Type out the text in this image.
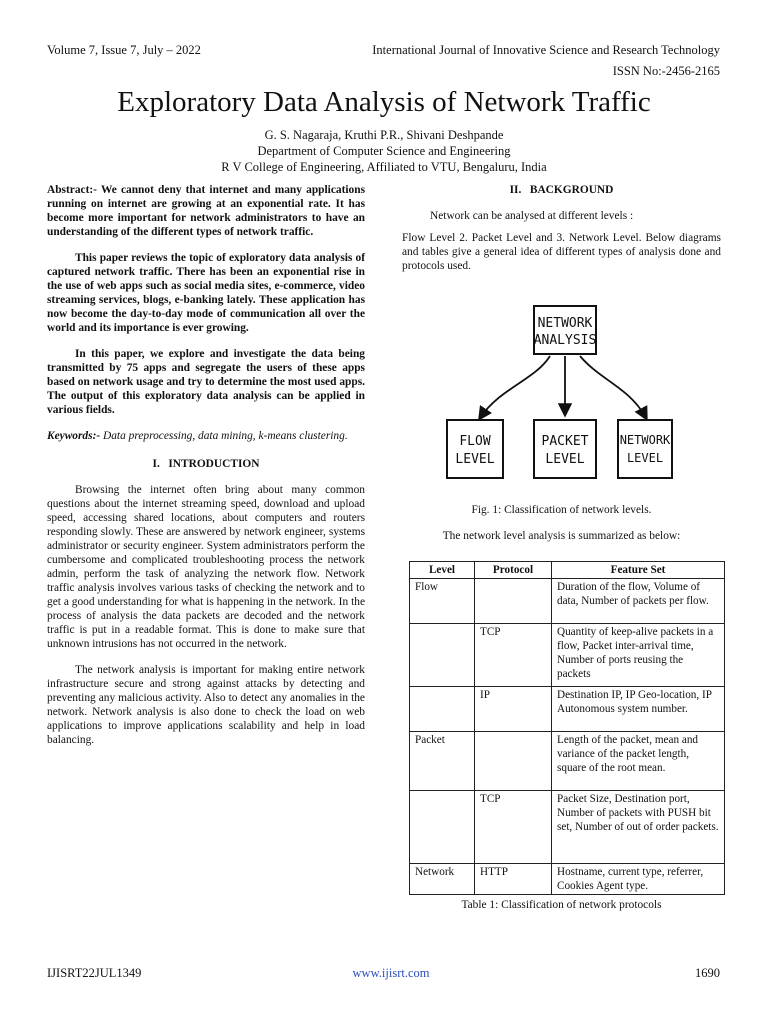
Volume 7, Issue 7, July – 2022	International Journal of Innovative Science and Research Technology
ISSN No:-2456-2165
Exploratory Data Analysis of Network Traffic
G. S. Nagaraja, Kruthi P.R., Shivani Deshpande
Department of Computer Science and Engineering
R V College of Engineering, Affiliated to VTU, Bengaluru, India

Abstract:- We cannot deny that internet and many applications running on internet are growing at an exponential rate. It has become more important for network administrators to have an understanding of the different types of network traffic.

This paper reviews the topic of exploratory data analysis of captured network traffic. There has been an exponential rise in the use of web apps such as social media sites, e-commerce, video streaming services, blogs, e-banking lately. These application has now become the day-to-day mode of communication all over the world and its importance is ever growing.

In this paper, we explore and investigate the data being transmitted by 75 apps and segregate the users of these apps based on network usage and try to determine the most used apps. The output of this exploratory data analysis can be applied in various fields.

Keywords:- Data preprocessing, data mining, k-means clustering.

I.   INTRODUCTION

Browsing the internet often bring about many common questions about the internet streaming speed, download and upload speed, accessing shared locations, about computers and routers responding slowly. These are answered by network engineer, systems administrator or security engineer. System administrators perform the cumbersome and complicated troubleshooting process the network admin, perform the task of analyzing the network flow. Network traffic analysis involves various tasks of checking the network and to get a good understanding for what is happening in the network. In the process of analysis the data packets are decoded and the network traffic is put in a readable format. This is done to make sure that unknown intrusions has not occurred in the network.

The network analysis is important for making entire network infrastructure secure and strong against attacks by detecting and preventing any malicious activity. Also to detect any anomalies in the network. Network analysis is also done to check the load on web applications to improve applications scalability and help in load balancing.

II.   BACKGROUND

Network can be analysed at different levels :

Flow Level 2. Packet Level and 3. Network Level. Below diagrams and tables give a general idea of different types of analysis done and protocols used.

NETWORK
ANALYSIS
FLOW
LEVEL
PACKET
LEVEL
NETWORK
LEVEL
Fig. 1: Classification of network levels.
The network level analysis is summarized as below:
Level	Protocol	Feature Set
Flow		Duration of the flow, Volume of data, Number of packets per flow.
	TCP	Quantity of keep-alive packets in a flow, Packet inter-arrival time, Number of ports reusing the packets
	IP	Destination IP, IP Geo-location, IP Autonomous system number.
Packet		Length of the packet, mean and variance of the packet length, square of the root mean.
	TCP	Packet Size, Destination port, Number of packets with PUSH bit set, Number of out of order packets.
Network	HTTP	Hostname, current type, referrer, Cookies Agent type.
Table 1: Classification of network protocols
IJISRT22JUL1349	www.ijisrt.com	1690
